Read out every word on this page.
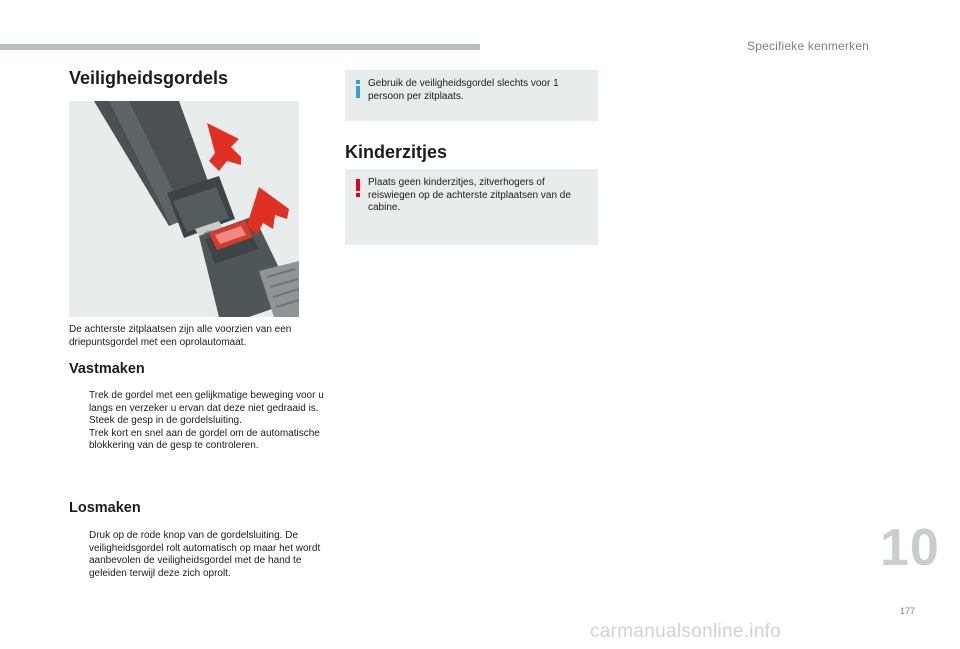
Specifieke kenmerken
Veiligheidsgordels

De achterste zitplaatsen zijn alle voorzien van een driepuntsgordel met een oprolautomaat.

Vastmaken
Trek de gordel met een gelijkmatige beweging voor u langs en verzeker u ervan dat deze niet gedraaid is.
Steek de gesp in de gordelsluiting.
Trek kort en snel aan de gordel om de automatische blokkering van de gesp te controleren.
Losmaken
Druk op de rode knop van de gordelsluiting. De veiligheidsgordel rolt automatisch op maar het wordt aanbevolen de veiligheidsgordel met de hand te geleiden terwijl deze zich oprolt.
Gebruik de veiligheidsgordel slechts voor 1 persoon per zitplaats.
Kinderzitjes
Plaats geen kinderzitjes, zitverhogers of reiswiegen op de achterste zitplaatsen van de cabine.
10
177
carmanualsonline.info
